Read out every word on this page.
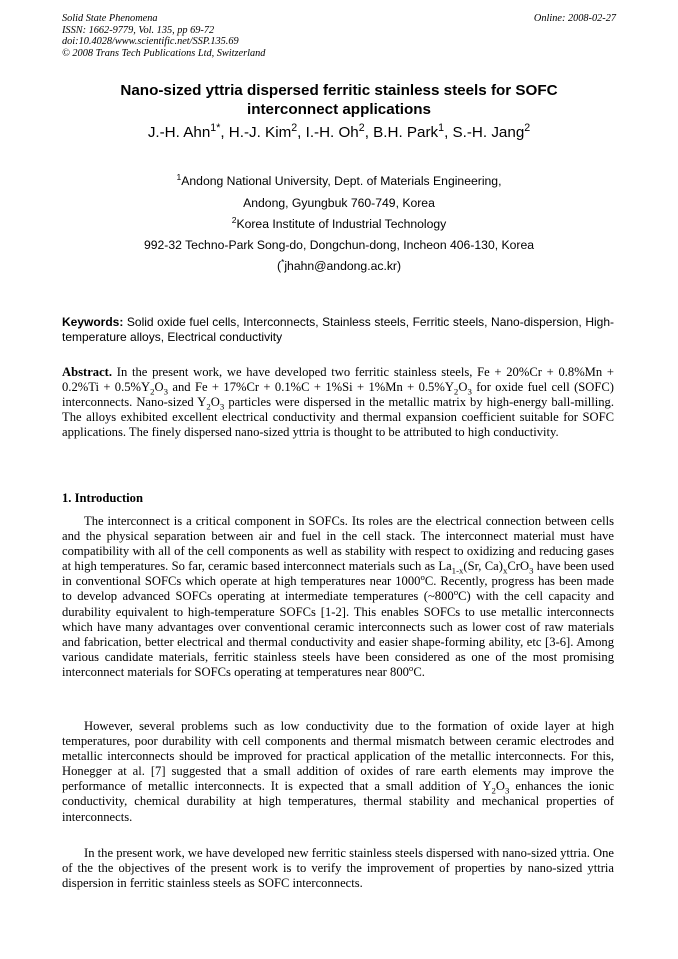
Solid State Phenomena
ISSN: 1662-9779, Vol. 135, pp 69-72
doi:10.4028/www.scientific.net/SSP.135.69
© 2008 Trans Tech Publications Ltd, Switzerland
Online: 2008-02-27
Nano-sized yttria dispersed ferritic stainless steels for SOFC
interconnect applications
J.-H. Ahn$^{1*}$, H.-J. Kim$^2$, I.-H. Oh$^2$, B.H. Park$^1$, S.-H. Jang$^2$
$^1$Andong National University, Dept. of Materials Engineering,
Andong, Gyungbuk 760-749, Korea
$^2$Korea Institute of Industrial Technology
992-32 Techno-Park Song-do, Dongchun-dong, Incheon 406-130, Korea
(*jhahn@andong.ac.kr)
Keywords: Solid oxide fuel cells, Interconnects, Stainless steels, Ferritic steels, Nano-dispersion, High-temperature alloys, Electrical conductivity
Abstract. In the present work, we have developed two ferritic stainless steels, $Fe + 20\%Cr + 0.8\%Mn + 0.2\%Ti + 0.5\%Y_2O_3$ and $Fe + 17\%Cr + 0.1\%C + 1\%Si + 1\%Mn + 0.5\%Y_2O_3$ for oxide fuel cell (SOFC) interconnects. Nano-sized $Y_2O_3$ particles were dispersed in the metallic matrix by high-energy ball-milling. The alloys exhibited excellent electrical conductivity and thermal expansion coefficient suitable for SOFC applications. The finely dispersed nano-sized yttria is thought to be attributed to high conductivity.
1. Introduction
The interconnect is a critical component in SOFCs. Its roles are the electrical connection between cells and the physical separation between air and fuel in the cell stack. The interconnect material must have compatibility with all of the cell components as well as stability with respect to oxidizing and reducing gases at high temperatures. So far, ceramic based interconnect materials such as $La_{1-x}(Sr$, $Ca)_xCrO_3$ have been used in conventional SOFCs which operate at high temperatures near 1000$^o$C. Recently, progress has been made to develop advanced SOFCs operating at intermediate temperatures (~800$^o$C) with the cell capacity and durability equivalent to high-temperature SOFCs [1-2]. This enables SOFCs to use metallic interconnects which have many advantages over conventional ceramic interconnects such as lower cost of raw materials and fabrication, better electrical and thermal conductivity and easier shape-forming ability, etc [3-6]. Among various candidate materials, ferritic stainless steels have been considered as one of the most promising interconnect materials for SOFCs operating at temperatures near 800$^o$C.
However, several problems such as low conductivity due to the formation of oxide layer at high temperatures, poor durability with cell components and thermal mismatch between ceramic electrodes and metallic interconnects should be improved for practical application of the metallic interconnects. For this, Honegger at al. [7] suggested that a small addition of oxides of rare earth elements may improve the performance of metallic interconnects. It is expected that a small addition of $Y_2O_3$ enhances the ionic conductivity, chemical durability at high temperatures, thermal stability and mechanical properties of interconnects.
In the present work, we have developed new ferritic stainless steels dispersed with nano-sized yttria. One of the the objectives of the present work is to verify the improvement of properties by nano-sized yttria dispersion in ferritic stainless steels as SOFC interconnects.
